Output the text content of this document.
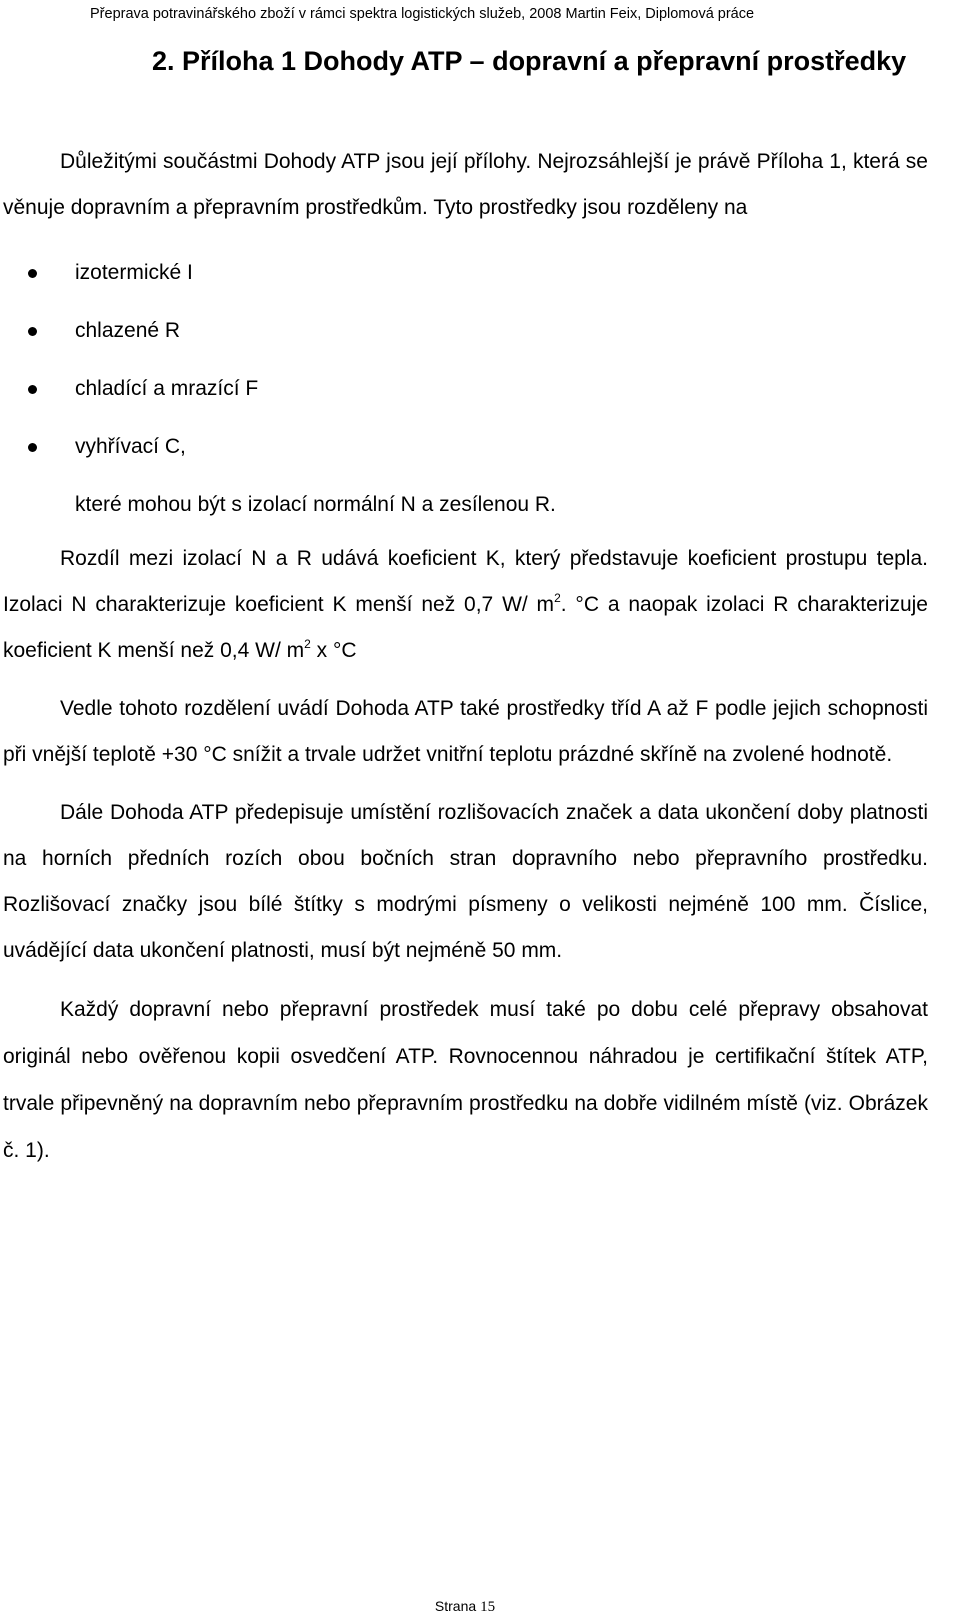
Přeprava potravinářského zboží v rámci spektra logistických služeb, 2008 Martin Feix, Diplomová práce
2. Příloha 1 Dohody ATP – dopravní a přepravní prostředky

Důležitými součástmi Dohody ATP jsou její přílohy. Nejrozsáhlejší je právě Příloha 1, která se věnuje dopravním a přepravním prostředkům. Tyto prostředky jsou rozděleny na

izotermické I
chlazené R
chladící a mrazící F
vyhřívací C,

které mohou být s izolací normální N a zesílenou R.

Rozdíl mezi izolací N a R udává koeficient K, který představuje koeficient prostupu tepla. Izolaci N charakterizuje koeficient K menší než 0,7 W/ $m^2$. °C a naopak izolaci R charakterizuje koeficient K menší než 0,4 W/ $m^2$ x °C

Vedle tohoto rozdělení uvádí Dohoda ATP také prostředky tříd A až F podle jejich schopnosti při vnější teplotě +30 °C snížit a trvale udržet vnitřní teplotu prázdné skříně na zvolené hodnotě.

Dále Dohoda ATP předepisuje umístění rozlišovacích značek a data ukončení doby platnosti na horních předních rozích obou bočních stran dopravního nebo přepravního prostředku. Rozlišovací značky jsou bílé štítky s modrými písmeny o velikosti nejméně 100 mm. Číslice, uvádějící data ukončení platnosti, musí být nejméně 50 mm.

Každý dopravní nebo přepravní prostředek musí také po dobu celé přepravy obsahovat originál nebo ověřenou kopii osvedčení ATP. Rovnocennou náhradou je certifikační štítek ATP, trvale připevněný na dopravním nebo přepravním prostředku na dobře vidilném místě (viz. Obrázek č. 1).

Strana 15
